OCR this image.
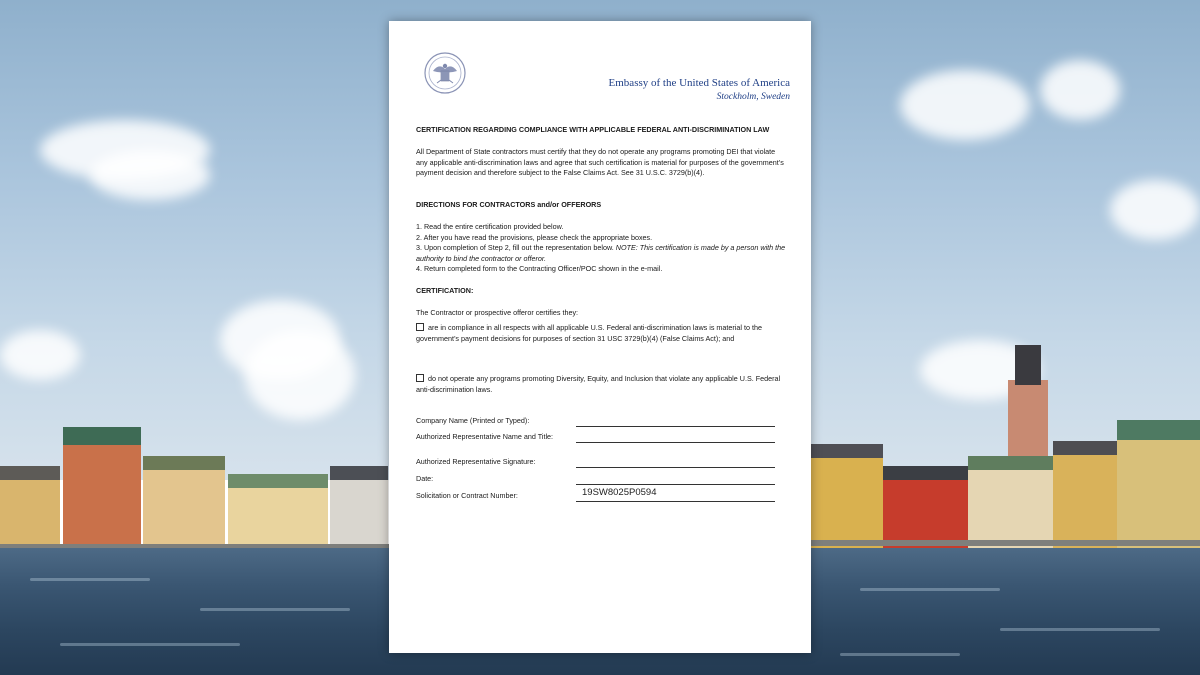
Embassy of the United States of America
Stockholm, Sweden
CERTIFICATION REGARDING COMPLIANCE WITH APPLICABLE FEDERAL ANTI-DISCRIMINATION LAW

All Department of State contractors must certify that they do not operate any programs promoting DEI that violate any applicable anti-discrimination laws and agree that such certification is material for purposes of the government’s payment decision and therefore subject to the False Claims Act. See 31 U.S.C. 3729(b)(4).

DIRECTIONS FOR CONTRACTORS and/or OFFERORS
1. Read the entire certification provided below.
2. After you have read the provisions, please check the appropriate boxes.
3. Upon completion of Step 2, fill out the representation below. NOTE: This certification is made by a person with the authority to bind the contractor or offeror.
4. Return completed form to the Contracting Officer/POC shown in the e-mail.
CERTIFICATION:
The Contractor or prospective offeror certifies they:
are in compliance in all respects with all applicable U.S. Federal anti-discrimination laws is material to the government’s payment decisions for purposes of section 31 USC 3729(b)(4) (False Claims Act); and
do not operate any programs promoting Diversity, Equity, and Inclusion that violate any applicable U.S. Federal anti-discrimination laws.
Company Name (Printed or Typed):
Authorized Representative Name and Title:
Authorized Representative Signature:
Date:
Solicitation or Contract Number:	19SW8025P0594
